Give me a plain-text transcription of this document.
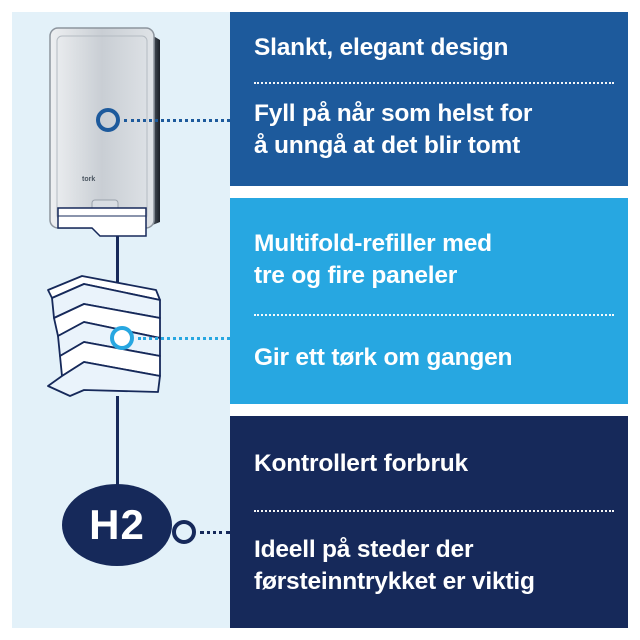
tork
H2
Slankt, elegant design
Fyll på når som helst for
å unngå at det blir tomt
Multifold-refiller med
tre og fire paneler
Gir ett tørk om gangen
Kontrollert forbruk
Ideell på steder der
førsteinntrykket er viktig
